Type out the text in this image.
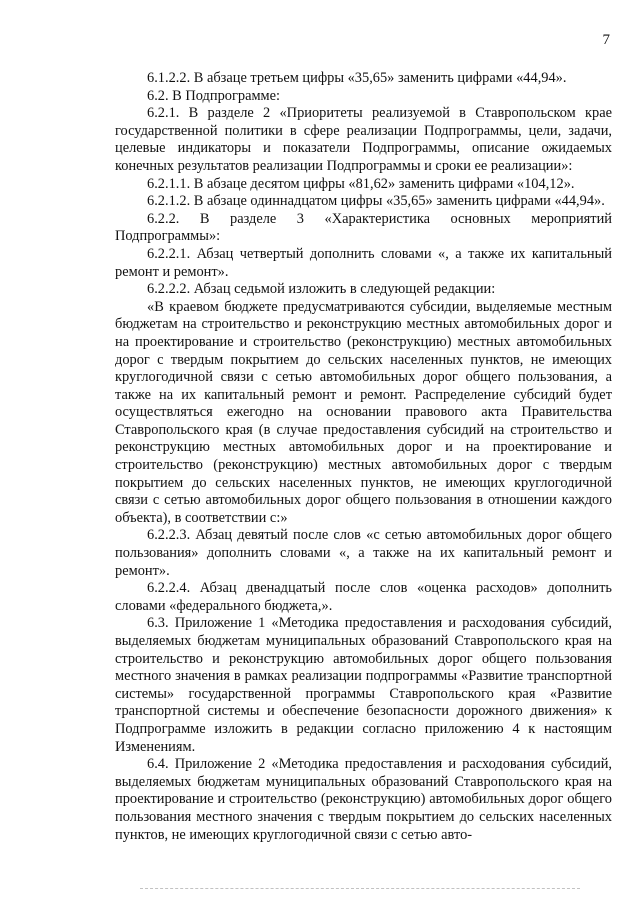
7

6.1.2.2. В абзаце третьем цифры «35,65» заменить цифрами «44,94».

6.2. В Подпрограмме:

6.2.1. В разделе 2 «Приоритеты реализуемой в Ставропольском крае государственной политики в сфере реализации Подпрограммы, цели, задачи, целевые индикаторы и показатели Подпрограммы, описание ожидаемых конечных результатов реализации Подпрограммы и сроки ее реализации»:

6.2.1.1. В абзаце десятом цифры «81,62» заменить цифрами «104,12».

6.2.1.2. В абзаце одиннадцатом цифры «35,65» заменить цифрами «44,94».

6.2.2. В разделе 3 «Характеристика основных мероприятий Подпрограммы»:

6.2.2.1. Абзац четвертый дополнить словами «, а также их капитальный ремонт и ремонт».

6.2.2.2. Абзац седьмой изложить в следующей редакции:

«В краевом бюджете предусматриваются субсидии, выделяемые местным бюджетам на строительство и реконструкцию местных автомобильных дорог и на проектирование и строительство (реконструкцию) местных автомобильных дорог с твердым покрытием до сельских населенных пунктов, не имеющих круглогодичной связи с сетью автомобильных дорог общего пользования, а также на их капитальный ремонт и ремонт. Распределение субсидий будет осуществляться ежегодно на основании правового акта Правительства Ставропольского края (в случае предоставления субсидий на строительство и реконструкцию местных автомобильных дорог и на проектирование и строительство (реконструкцию) местных автомобильных дорог с твердым покрытием до сельских населенных пунктов, не имеющих круглогодичной связи с сетью автомобильных дорог общего пользования в отношении каждого объекта), в соответствии с:»

6.2.2.3. Абзац девятый после слов «с сетью автомобильных дорог общего пользования» дополнить словами «, а также на их капитальный ремонт и ремонт».

6.2.2.4. Абзац двенадцатый после слов «оценка расходов» дополнить словами «федерального бюджета,».

6.3. Приложение 1 «Методика предоставления и расходования субсидий, выделяемых бюджетам муниципальных образований Ставропольского края на строительство и реконструкцию автомобильных дорог общего пользования местного значения в рамках реализации подпрограммы «Развитие транспортной системы» государственной программы Ставропольского края «Развитие транспортной системы и обеспечение безопасности дорожного движения» к Подпрограмме изложить в редакции согласно приложению 4 к настоящим Изменениям.

6.4. Приложение 2 «Методика предоставления и расходования субсидий, выделяемых бюджетам муниципальных образований Ставропольского края на проектирование и строительство (реконструкцию) автомобильных дорог общего пользования местного значения с твердым покрытием до сельских населенных пунктов, не имеющих круглогодичной связи с сетью авто-
